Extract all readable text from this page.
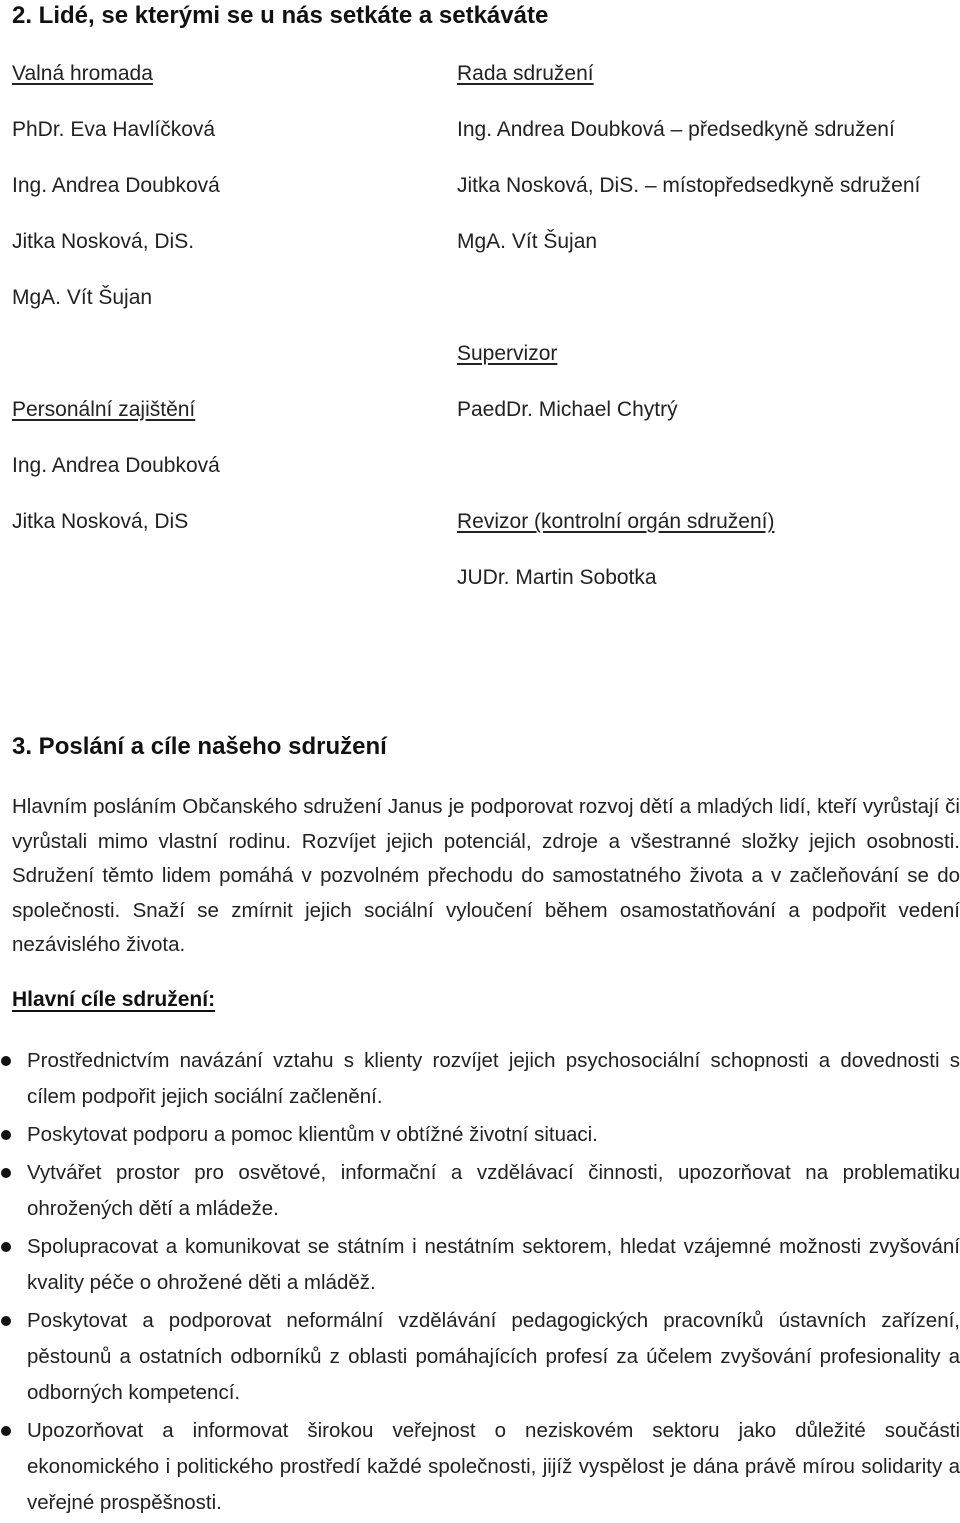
2. Lidé, se kterými se u nás setkáte a setkáváte
Valná hromada
PhDr. Eva Havlíčková
Ing. Andrea Doubková
Jitka Nosková, DiS.
MgA. Vít Šujan
Rada sdružení
Ing. Andrea Doubková – předsedkyně sdružení
Jitka Nosková, DiS. – místopředsedkyně sdružení
MgA. Vít Šujan
Supervizor
PaedDr. Michael Chytrý
Personální zajištění
Ing. Andrea Doubková
Jitka Nosková, DiS	Revizor (kontrolní orgán sdružení)
JUDr. Martin Sobotka
3. Poslání a cíle našeho sdružení
Hlavním posláním Občanského sdružení Janus je podporovat rozvoj dětí a mladých lidí, kteří vyrůstají či vyrůstali mimo vlastní rodinu. Rozvíjet jejich potenciál, zdroje a všestranné složky jejich osobnosti. Sdružení těmto lidem pomáhá v pozvolném přechodu do samostatného života a v začleňování se do společnosti. Snaží se zmírnit jejich sociální vyloučení během osamostatňování a podpořit vedení nezávislého života.
Hlavní cíle sdružení:
Prostřednictvím navázání vztahu s klienty rozvíjet jejich psychosociální schopnosti a dovednosti s cílem podpořit jejich sociální začlenění.
Poskytovat podporu a pomoc klientům v obtížné životní situaci.
Vytvářet prostor pro osvětové, informační a vzdělávací činnosti, upozorňovat na problematiku ohrožených dětí a mládeže.
Spolupracovat a komunikovat se státním i nestátním sektorem, hledat vzájemné možnosti zvyšování kvality péče o ohrožené děti a mláděž.
Poskytovat a podporovat neformální vzdělávání pedagogických pracovníků ústavních zařízení, pěstounů a ostatních odborníků z oblasti pomáhajících profesí za účelem zvyšování profesionality a odborných kompetencí.
Upozorňovat a informovat širokou veřejnost o neziskovém sektoru jako důležité součásti ekonomického i politického prostředí každé společnosti, jijíž vyspělost je dána právě mírou solidarity a veřejné prospěšnosti.
